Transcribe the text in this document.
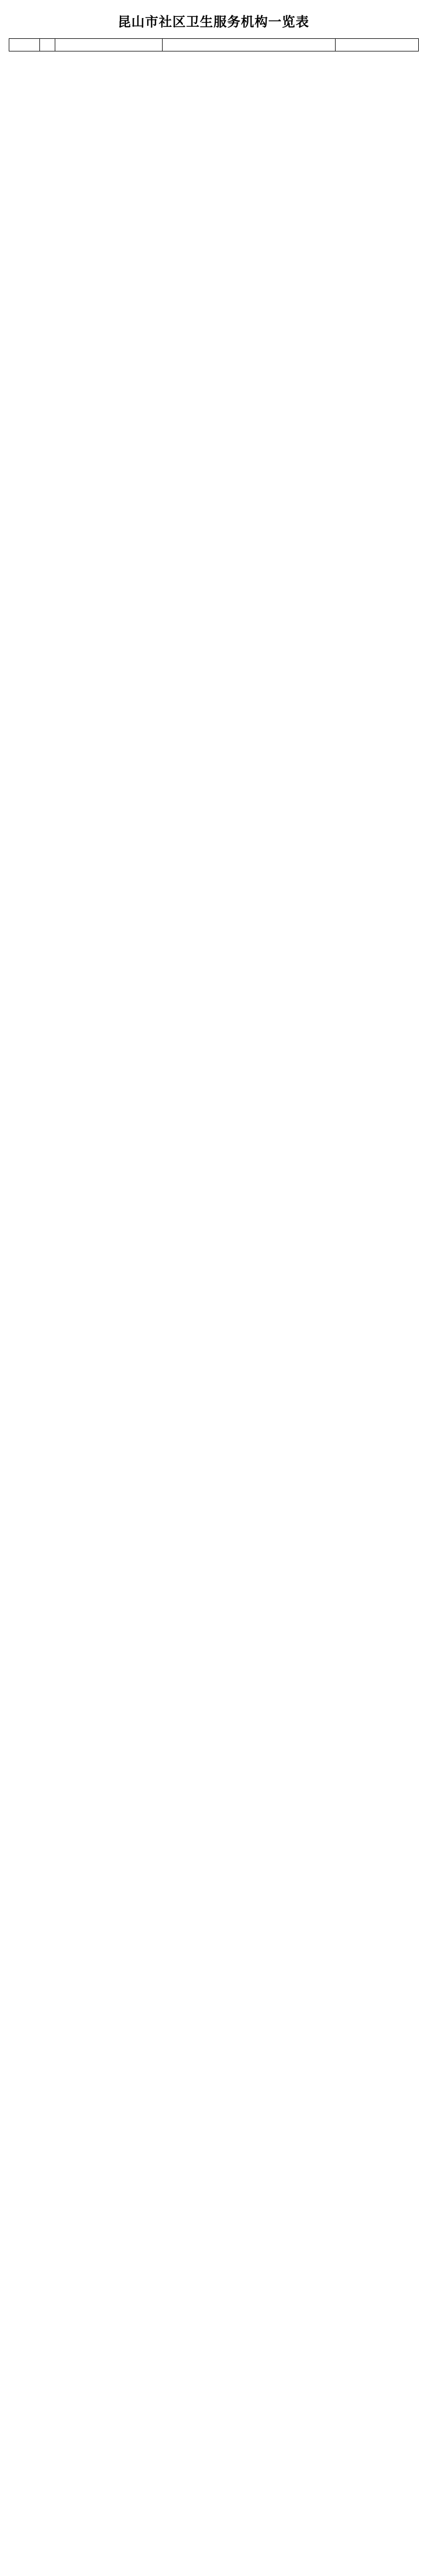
昆山市社区卫生服务机构一览表
